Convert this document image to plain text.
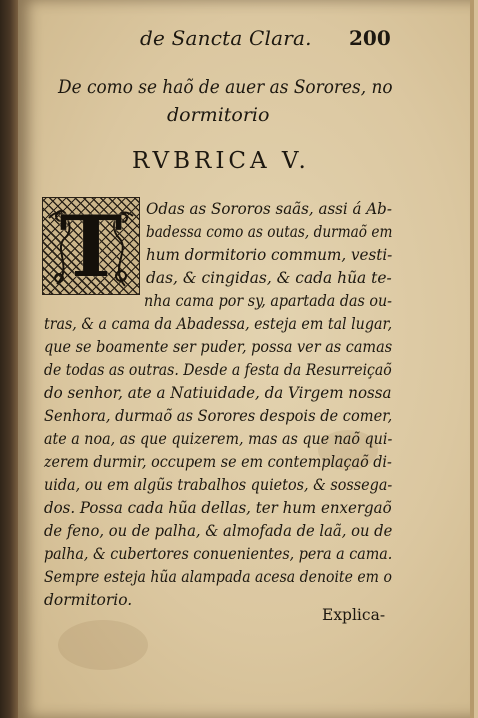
de Sancta Clara. 200
De como se haõ de auer as Sorores, no
dormitorio
RVBRICA V.
T	Odas as Sororos saãs, assi á Ab-
badessa como as outas, durmaõ em
hum dormitorio commum, vesti-
das, & cingidas, & cada hũa te-
nha cama por sy, apartada das ou-
tras, & a cama da Abadessa, esteja em tal lugar,
que se boamente ser puder, possa ver as camas
de todas as outras. Desde a festa da Resurreiçaõ
do senhor, ate a Natiuidade, da Virgem nossa
Senhora, durmaõ as Sorores despois de comer,
ate a noa, as que quizerem, mas as que naõ qui-
zerem durmir, occupem se em contemplaçaõ di-
uida, ou em algũs trabalhos quietos, & sossega-
dos. Possa cada hũa dellas, ter hum enxergaõ
de feno, ou de palha, & almofada de laã, ou de
palha, & cubertores conuenientes, pera a cama.
Sempre esteja hũa alampada acesa denoite em o
dormitorio.
Explica-
